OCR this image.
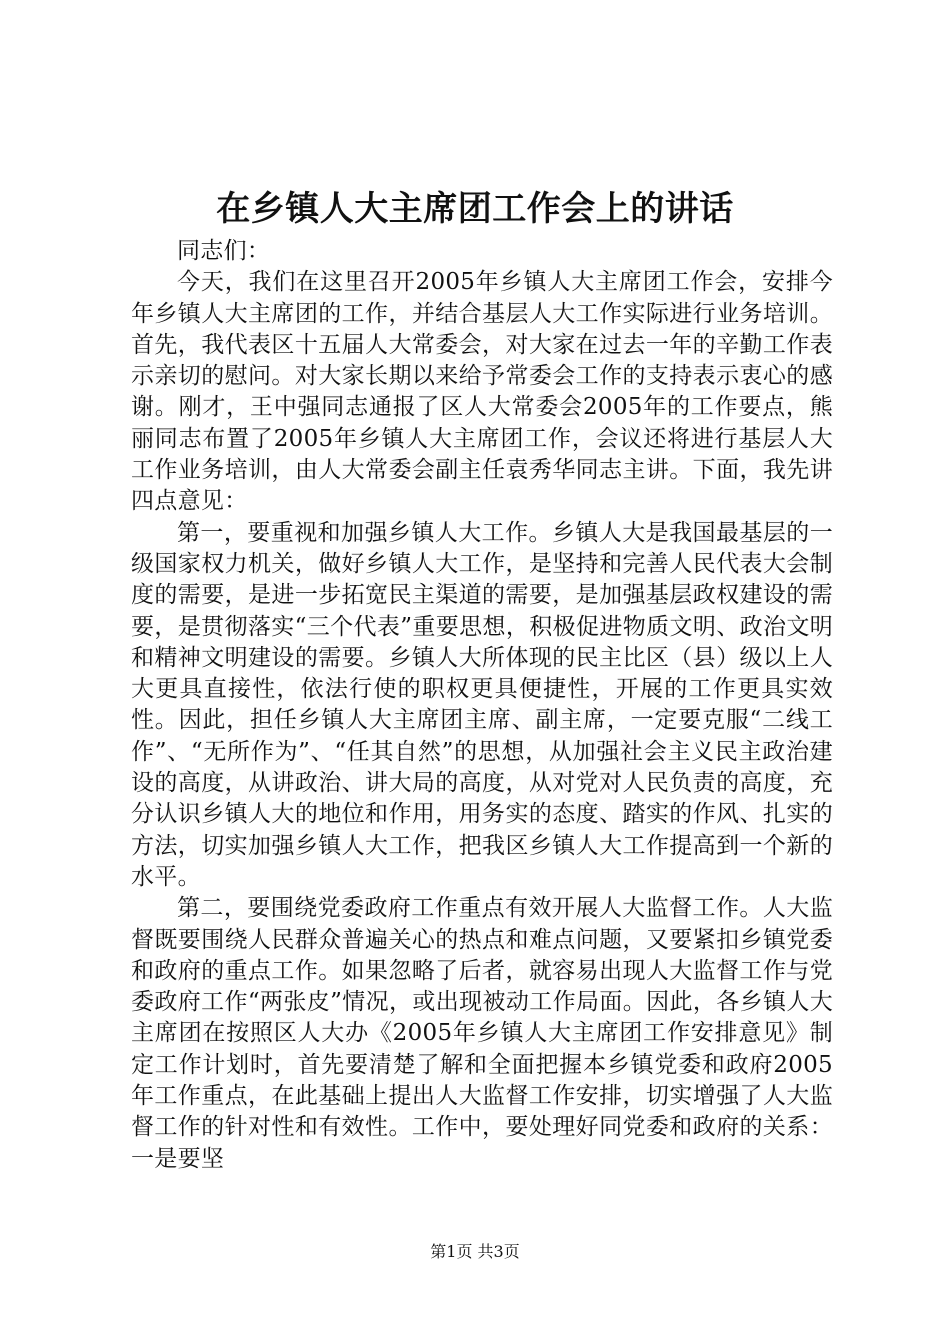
在乡镇人大主席团工作会上的讲话

同志们：

今天，我们在这里召开2005年乡镇人大主席团工作会，安排今年乡镇人大主席团的工作，并结合基层人大工作实际进行业务培训。首先，我代表区十五届人大常委会，对大家在过去一年的辛勤工作表示亲切的慰问。对大家长期以来给予常委会工作的支持表示衷心的感谢。刚才，王中强同志通报了区人大常委会2005年的工作要点，熊丽同志布置了2005年乡镇人大主席团工作，会议还将进行基层人大工作业务培训，由人大常委会副主任袁秀华同志主讲。下面，我先讲四点意见：

第一，要重视和加强乡镇人大工作。乡镇人大是我国最基层的一级国家权力机关，做好乡镇人大工作，是坚持和完善人民代表大会制度的需要，是进一步拓宽民主渠道的需要，是加强基层政权建设的需要，是贯彻落实“三个代表”重要思想，积极促进物质文明、政治文明和精神文明建设的需要。乡镇人大所体现的民主比区（县）级以上人大更具直接性，依法行使的职权更具便捷性，开展的工作更具实效性。因此，担任乡镇人大主席团主席、副主席，一定要克服“二线工作”、“无所作为”、“任其自然”的思想，从加强社会主义民主政治建设的高度，从讲政治、讲大局的高度，从对党对人民负责的高度，充分认识乡镇人大的地位和作用，用务实的态度、踏实的作风、扎实的方法，切实加强乡镇人大工作，把我区乡镇人大工作提高到一个新的水平。

第二，要围绕党委政府工作重点有效开展人大监督工作。人大监督既要围绕人民群众普遍关心的热点和难点问题，又要紧扣乡镇党委和政府的重点工作。如果忽略了后者，就容易出现人大监督工作与党委政府工作“两张皮”情况，或出现被动工作局面。因此，各乡镇人大主席团在按照区人大办《2005年乡镇人大主席团工作安排意见》制定工作计划时，首先要清楚了解和全面把握本乡镇党委和政府2005年工作重点，在此基础上提出人大监督工作安排，切实增强了人大监督工作的针对性和有效性。工作中，要处理好同党委和政府的关系：一是要坚

第1页 共3页
